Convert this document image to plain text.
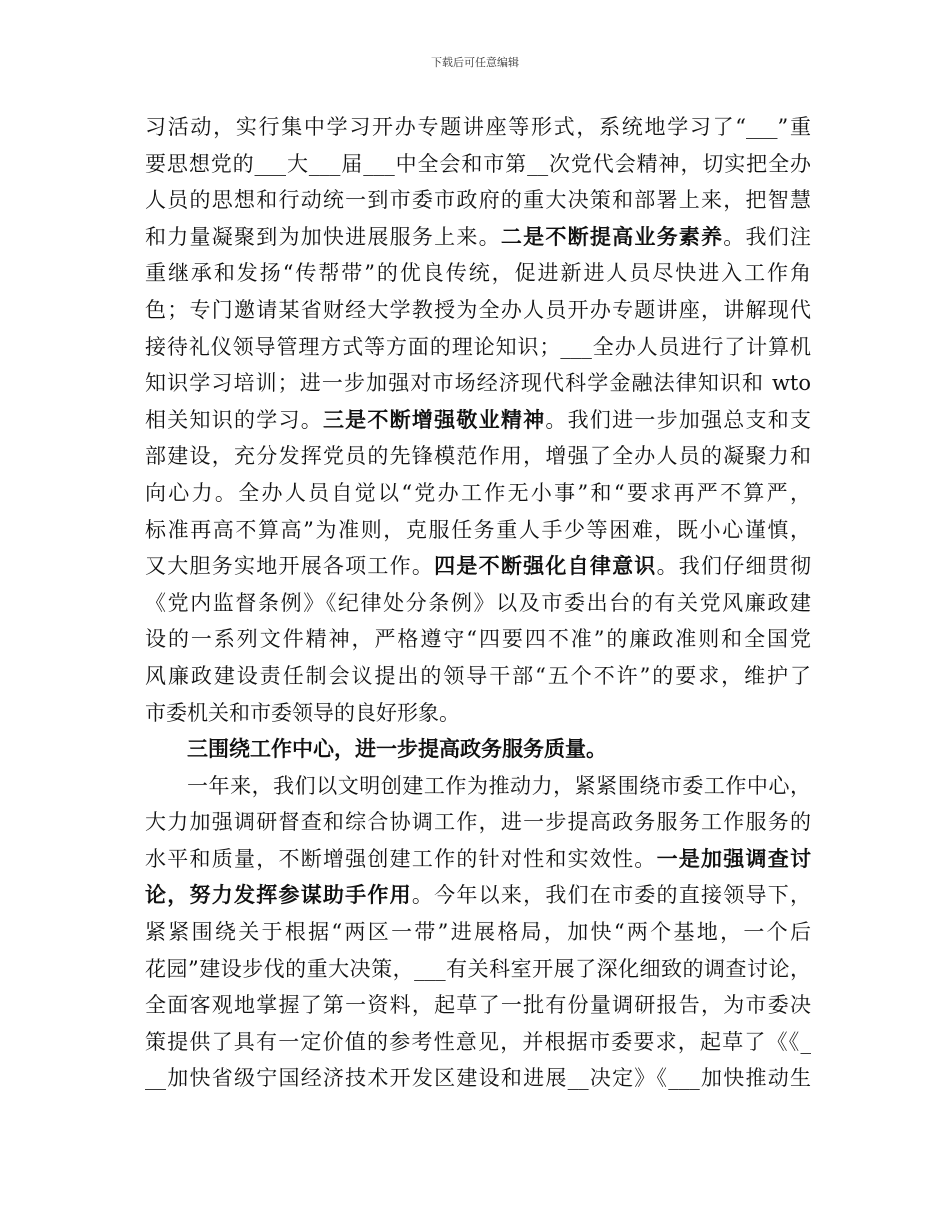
下载后可任意编辑
习活动，实行集中学习开办专题讲座等形式，系统地学习了“___”重
要思想党的___大___届___中全会和市第__次党代会精神，切实把全办
人员的思想和行动统一到市委市政府的重大决策和部署上来，把智慧
和力量凝聚到为加快进展服务上来。二是不断提高业务素养。我们注
重继承和发扬“传帮带”的优良传统，促进新进人员尽快进入工作角
色；专门邀请某省财经大学教授为全办人员开办专题讲座，讲解现代
接待礼仪领导管理方式等方面的理论知识；___全办人员进行了计算机
知识学习培训；进一步加强对市场经济现代科学金融法律知识和 wto
相关知识的学习。三是不断增强敬业精神。我们进一步加强总支和支
部建设，充分发挥党员的先锋模范作用，增强了全办人员的凝聚力和
向心力。全办人员自觉以“党办工作无小事”和“要求再严不算严，
标准再高不算高”为准则，克服任务重人手少等困难，既小心谨慎，
又大胆务实地开展各项工作。四是不断强化自律意识。我们仔细贯彻
《党内监督条例》《纪律处分条例》以及市委出台的有关党风廉政建
设的一系列文件精神，严格遵守“四要四不准”的廉政准则和全国党
风廉政建设责任制会议提出的领导干部“五个不许”的要求，维护了
市委机关和市委领导的良好形象。
三围绕工作中心，进一步提高政务服务质量。
一年来，我们以文明创建工作为推动力，紧紧围绕市委工作中心，
大力加强调研督查和综合协调工作，进一步提高政务服务工作服务的
水平和质量，不断增强创建工作的针对性和实效性。一是加强调查讨
论，努力发挥参谋助手作用。今年以来，我们在市委的直接领导下，
紧紧围绕关于根据“两区一带”进展格局，加快“两个基地，一个后
花园”建设步伐的重大决策，___有关科室开展了深化细致的调查讨论，
全面客观地掌握了第一资料，起草了一批有份量调研报告，为市委决
策提供了具有一定价值的参考性意见，并根据市委要求，起草了《《_
__加快省级宁国经济技术开发区建设和进展__决定》《___加快推动生
